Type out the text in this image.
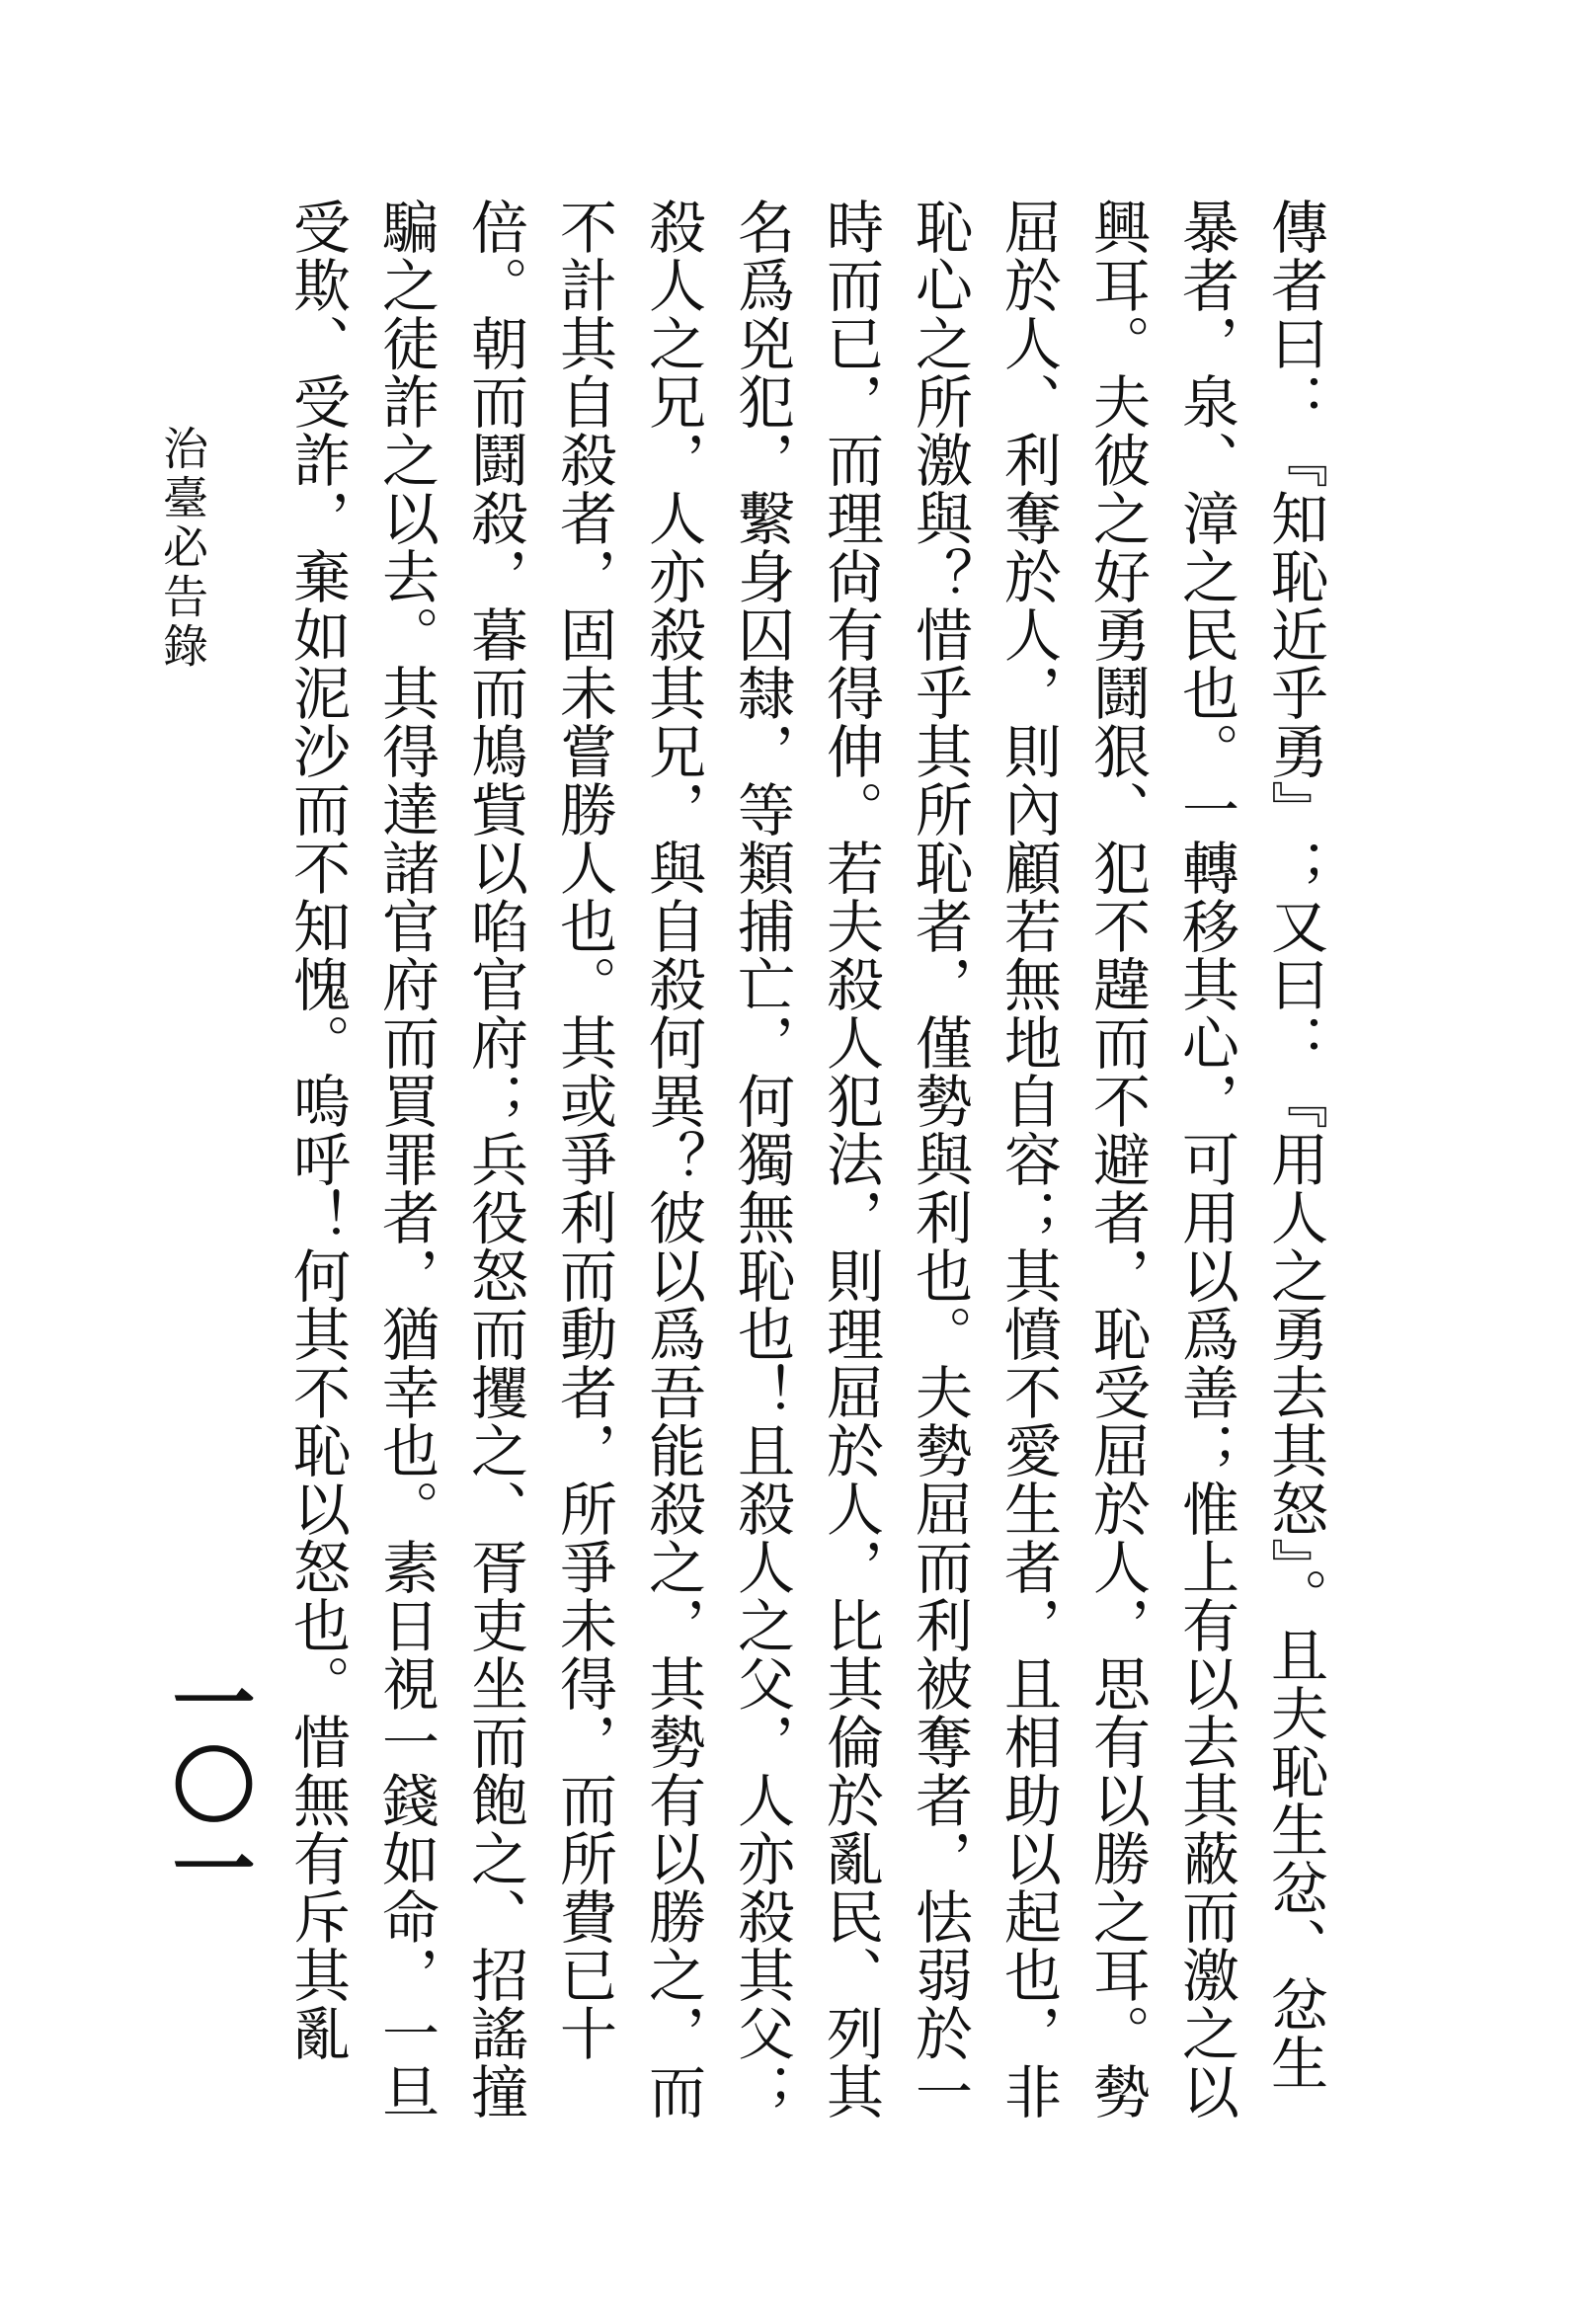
傳者曰：『知恥近乎勇』；又曰：『用人之勇去其怒』。且夫恥生忿、忿生暴者，泉、漳之民也。一轉移其心，可用以爲善；惟上有以去其蔽而激之以興耳。夫彼之好勇鬪狠、犯不韙而不避者，恥受屈於人，思有以勝之耳。勢屈於人、利奪於人，則內顧若無地自容；其憤不愛生者，且相助以起也，非恥心之所激與？惜乎其所恥者，僅勢與利也。夫勢屈而利被奪者，怯弱於一時而已，而理尙有得伸。若夫殺人犯法，則理屈於人，比其倫於亂民、列其名爲兇犯，繫身囚隸，等類捕亡，何獨無恥也！且殺人之父，人亦殺其父；殺人之兄，人亦殺其兄，與自殺何異？彼以爲吾能殺之，其勢有以勝之，而不計其自殺者，固未嘗勝人也。其或爭利而動者，所爭未得，而所費已十倍。朝而鬪殺，暮而鳩貲以啗官府；兵役怒而攫之、胥吏坐而飽之、招謠撞騙之徒詐之以去。其得達諸官府而買罪者，猶幸也。素日視一錢如命，一旦受欺、受詐，棄如泥沙而不知愧。嗚呼！何其不恥以怒也。惜無有斥其亂

一〇一
治臺必告錄
